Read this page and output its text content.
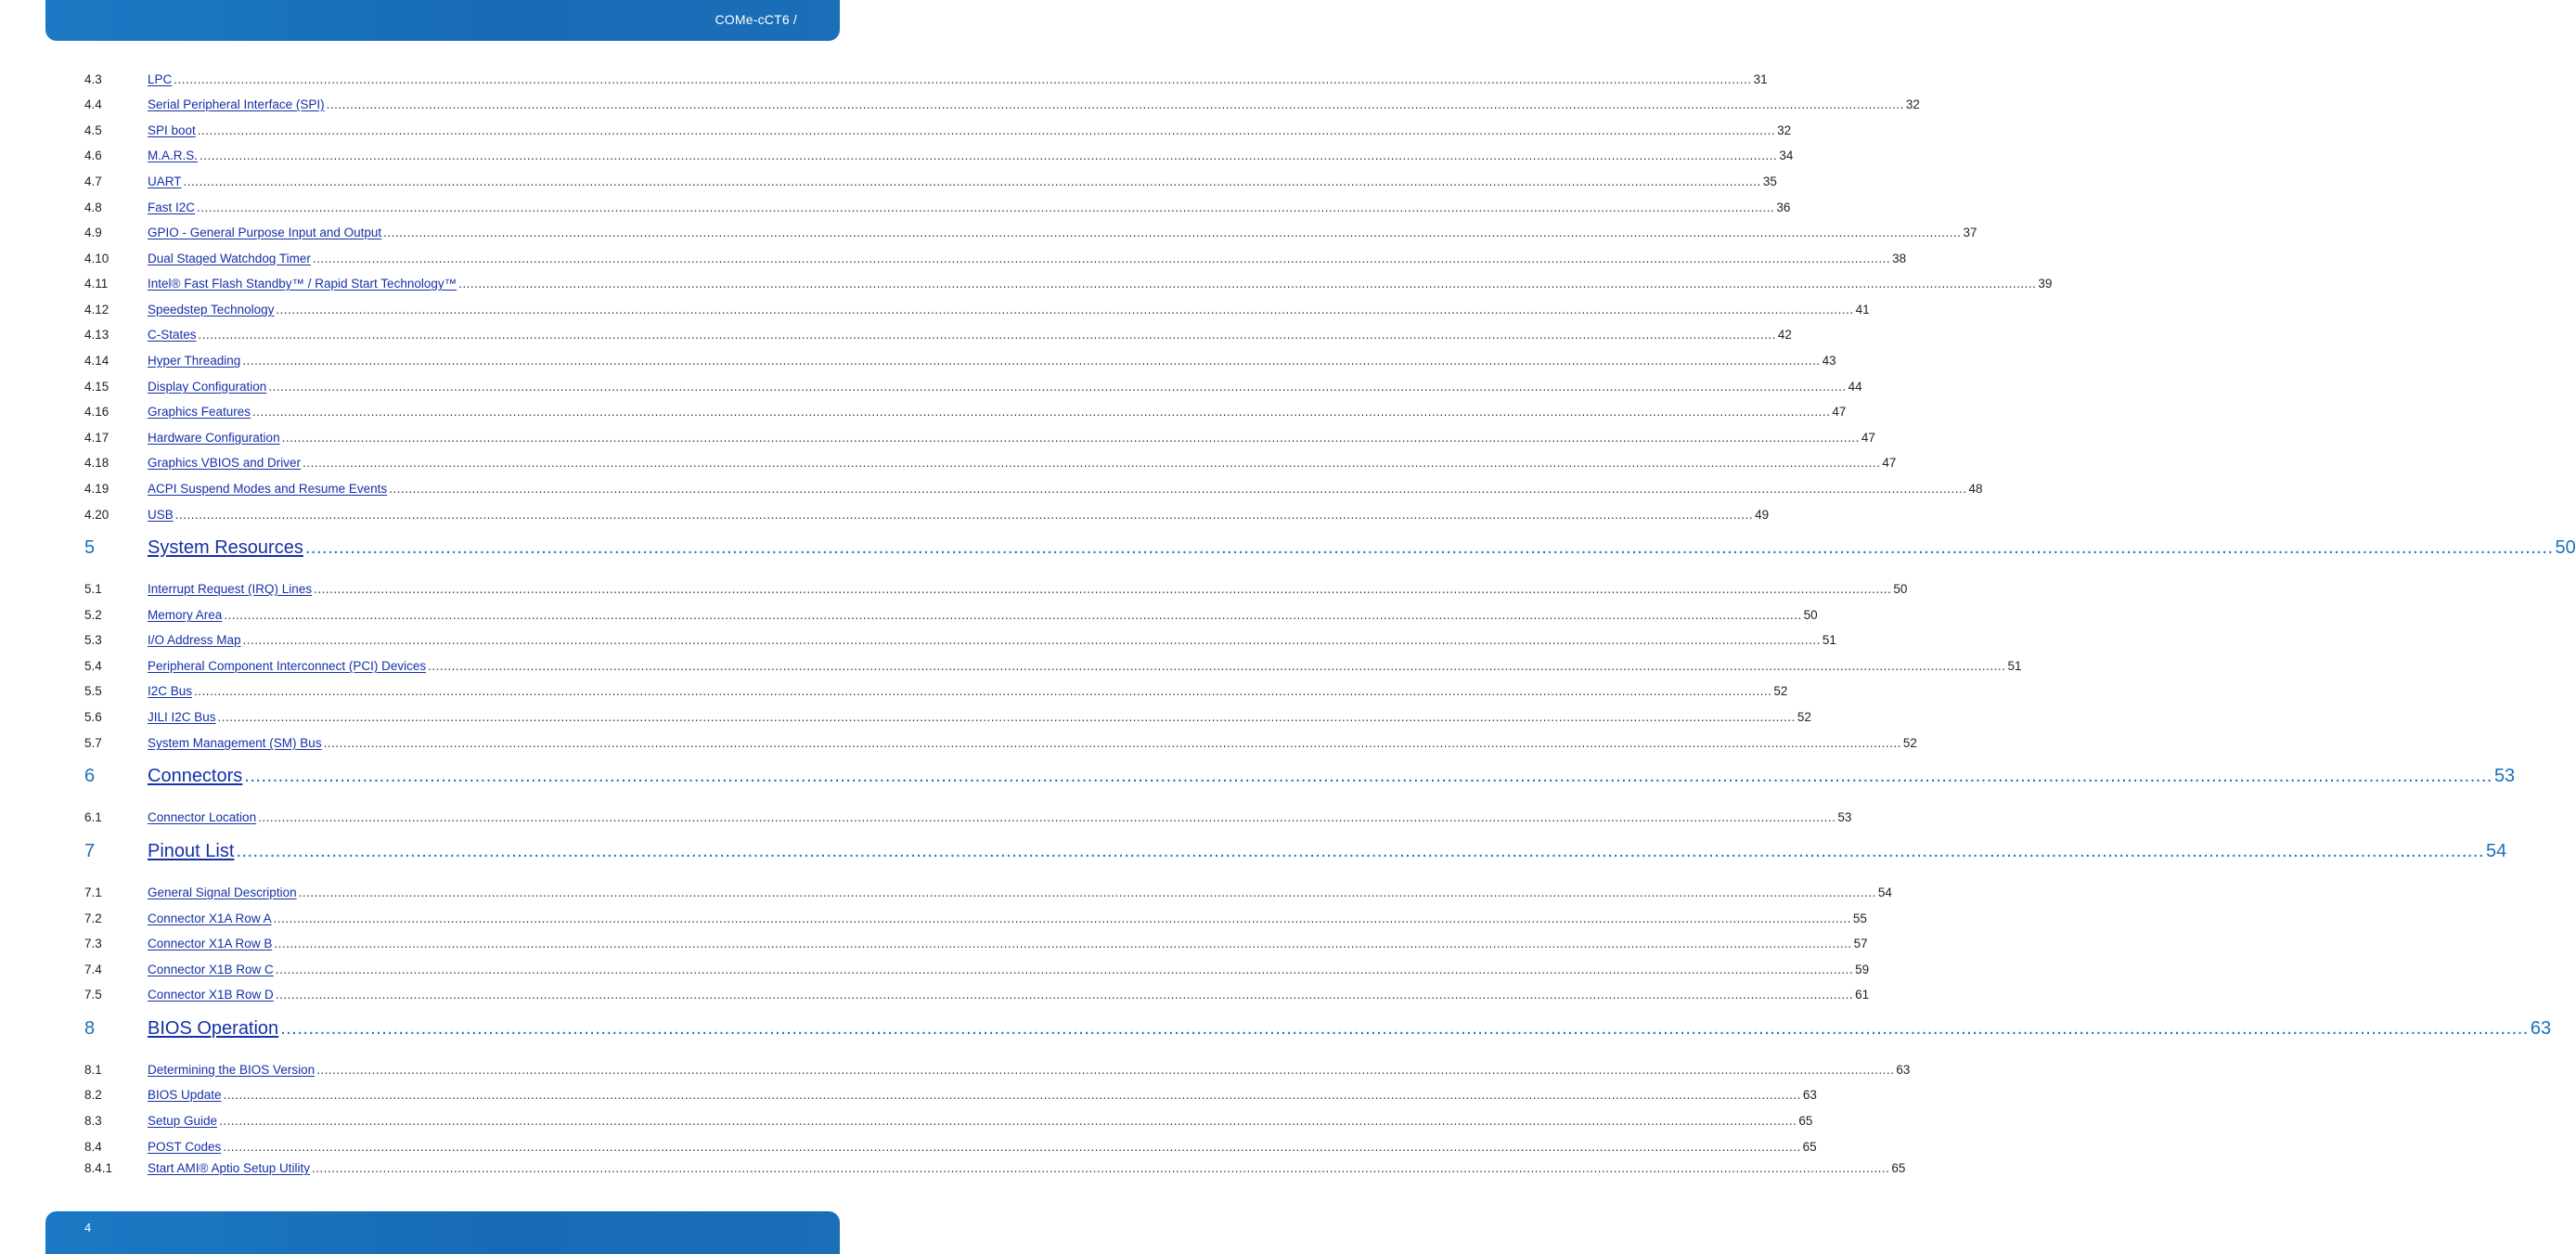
COMe-cCT6 /
4.3	LPC ................................................................................................................................................................................................................................................................................................................................................................................................................ 31
4.4	Serial Peripheral Interface (SPI) ................................................................................................................................................................................................................................................................................................................................................................................................................ 32
4.5	SPI boot ................................................................................................................................................................................................................................................................................................................................................................................................................ 32
4.6	M.A.R.S. ................................................................................................................................................................................................................................................................................................................................................................................................................ 34
4.7	UART ................................................................................................................................................................................................................................................................................................................................................................................................................ 35
4.8	Fast I2C ................................................................................................................................................................................................................................................................................................................................................................................................................ 36
4.9	GPIO - General Purpose Input and Output ................................................................................................................................................................................................................................................................................................................................................................................................................ 37
4.10	Dual Staged Watchdog Timer ................................................................................................................................................................................................................................................................................................................................................................................................................ 38
4.11	Intel® Fast Flash Standby™ / Rapid Start Technology™ ................................................................................................................................................................................................................................................................................................................................................................................................................ 39
4.12	Speedstep Technology ................................................................................................................................................................................................................................................................................................................................................................................................................ 41
4.13	C-States ................................................................................................................................................................................................................................................................................................................................................................................................................ 42
4.14	Hyper Threading ................................................................................................................................................................................................................................................................................................................................................................................................................ 43
4.15	Display Configuration ................................................................................................................................................................................................................................................................................................................................................................................................................ 44
4.16	Graphics Features ................................................................................................................................................................................................................................................................................................................................................................................................................ 47
4.17	Hardware Configuration ................................................................................................................................................................................................................................................................................................................................................................................................................ 47
4.18	Graphics VBIOS and Driver ................................................................................................................................................................................................................................................................................................................................................................................................................ 47
4.19	ACPI Suspend Modes and Resume Events ................................................................................................................................................................................................................................................................................................................................................................................................................ 48
4.20	USB ................................................................................................................................................................................................................................................................................................................................................................................................................ 49
5	System Resources ................................................................................................................................................................................................................................................................................................................................................................................................................ 50
5.1	Interrupt Request (IRQ) Lines ................................................................................................................................................................................................................................................................................................................................................................................................................ 50
5.2	Memory Area ................................................................................................................................................................................................................................................................................................................................................................................................................ 50
5.3	I/O Address Map ................................................................................................................................................................................................................................................................................................................................................................................................................ 51
5.4	Peripheral Component Interconnect (PCI) Devices ................................................................................................................................................................................................................................................................................................................................................................................................................ 51
5.5	I2C Bus ................................................................................................................................................................................................................................................................................................................................................................................................................ 52
5.6	JILI I2C Bus ................................................................................................................................................................................................................................................................................................................................................................................................................ 52
5.7	System Management (SM) Bus ................................................................................................................................................................................................................................................................................................................................................................................................................ 52
6	Connectors ................................................................................................................................................................................................................................................................................................................................................................................................................ 53
6.1	Connector Location ................................................................................................................................................................................................................................................................................................................................................................................................................ 53
7	Pinout List ................................................................................................................................................................................................................................................................................................................................................................................................................ 54
7.1	General Signal Description ................................................................................................................................................................................................................................................................................................................................................................................................................ 54
7.2	Connector X1A Row A ................................................................................................................................................................................................................................................................................................................................................................................................................ 55
7.3	Connector X1A Row B ................................................................................................................................................................................................................................................................................................................................................................................................................ 57
7.4	Connector X1B Row C ................................................................................................................................................................................................................................................................................................................................................................................................................ 59
7.5	Connector X1B Row D ................................................................................................................................................................................................................................................................................................................................................................................................................ 61
8	BIOS Operation ................................................................................................................................................................................................................................................................................................................................................................................................................ 63
8.1	Determining the BIOS Version ................................................................................................................................................................................................................................................................................................................................................................................................................ 63
8.2	BIOS Update ................................................................................................................................................................................................................................................................................................................................................................................................................ 63
8.3	Setup Guide ................................................................................................................................................................................................................................................................................................................................................................................................................ 65
8.4	POST Codes ................................................................................................................................................................................................................................................................................................................................................................................................................ 65
8.4.1	Start AMI® Aptio Setup Utility ................................................................................................................................................................................................................................................................................................................................................................................................................ 65
4
